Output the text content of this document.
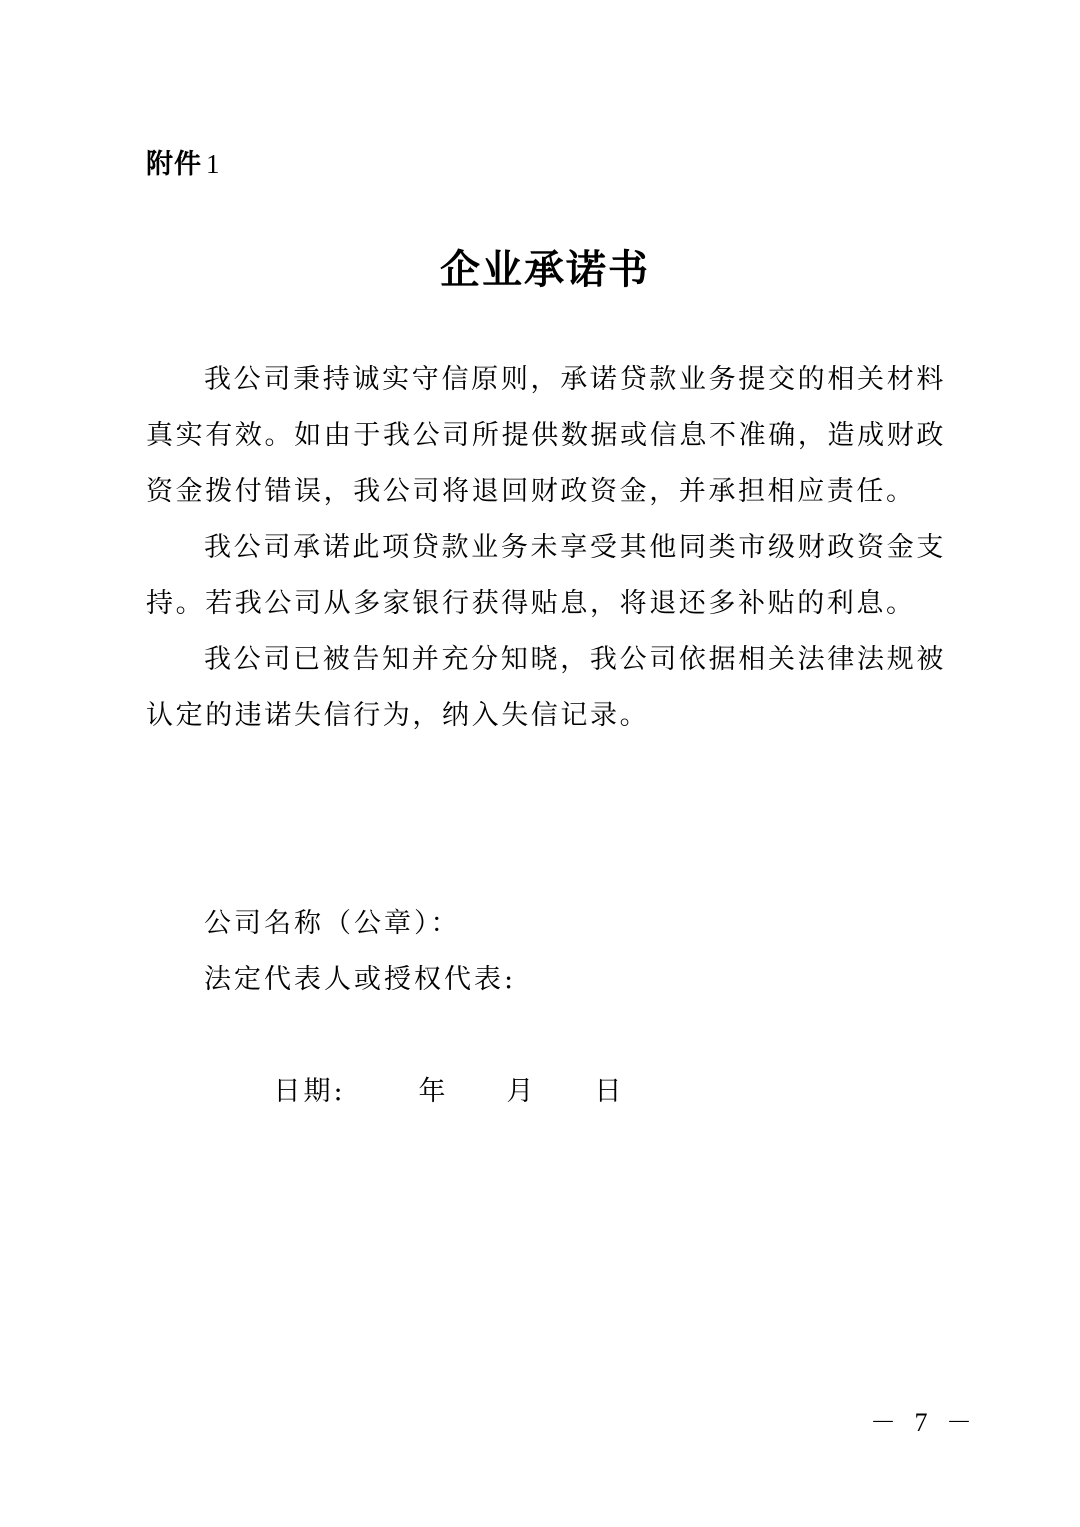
附件 1
企业承诺书

我公司秉持诚实守信原则，承诺贷款业务提交的相关材料真实有效。如由于我公司所提供数据或信息不准确，造成财政资金拨付错误，我公司将退回财政资金，并承担相应责任。

我公司承诺此项贷款业务未享受其他同类市级财政资金支持。若我公司从多家银行获得贴息，将退还多补贴的利息。

我公司已被告知并充分知晓，我公司依据相关法律法规被认定的违诺失信行为，纳入失信记录。

公司名称（公章）：
法定代表人或授权代表:

日期:	年 月 日

－ 7 －
